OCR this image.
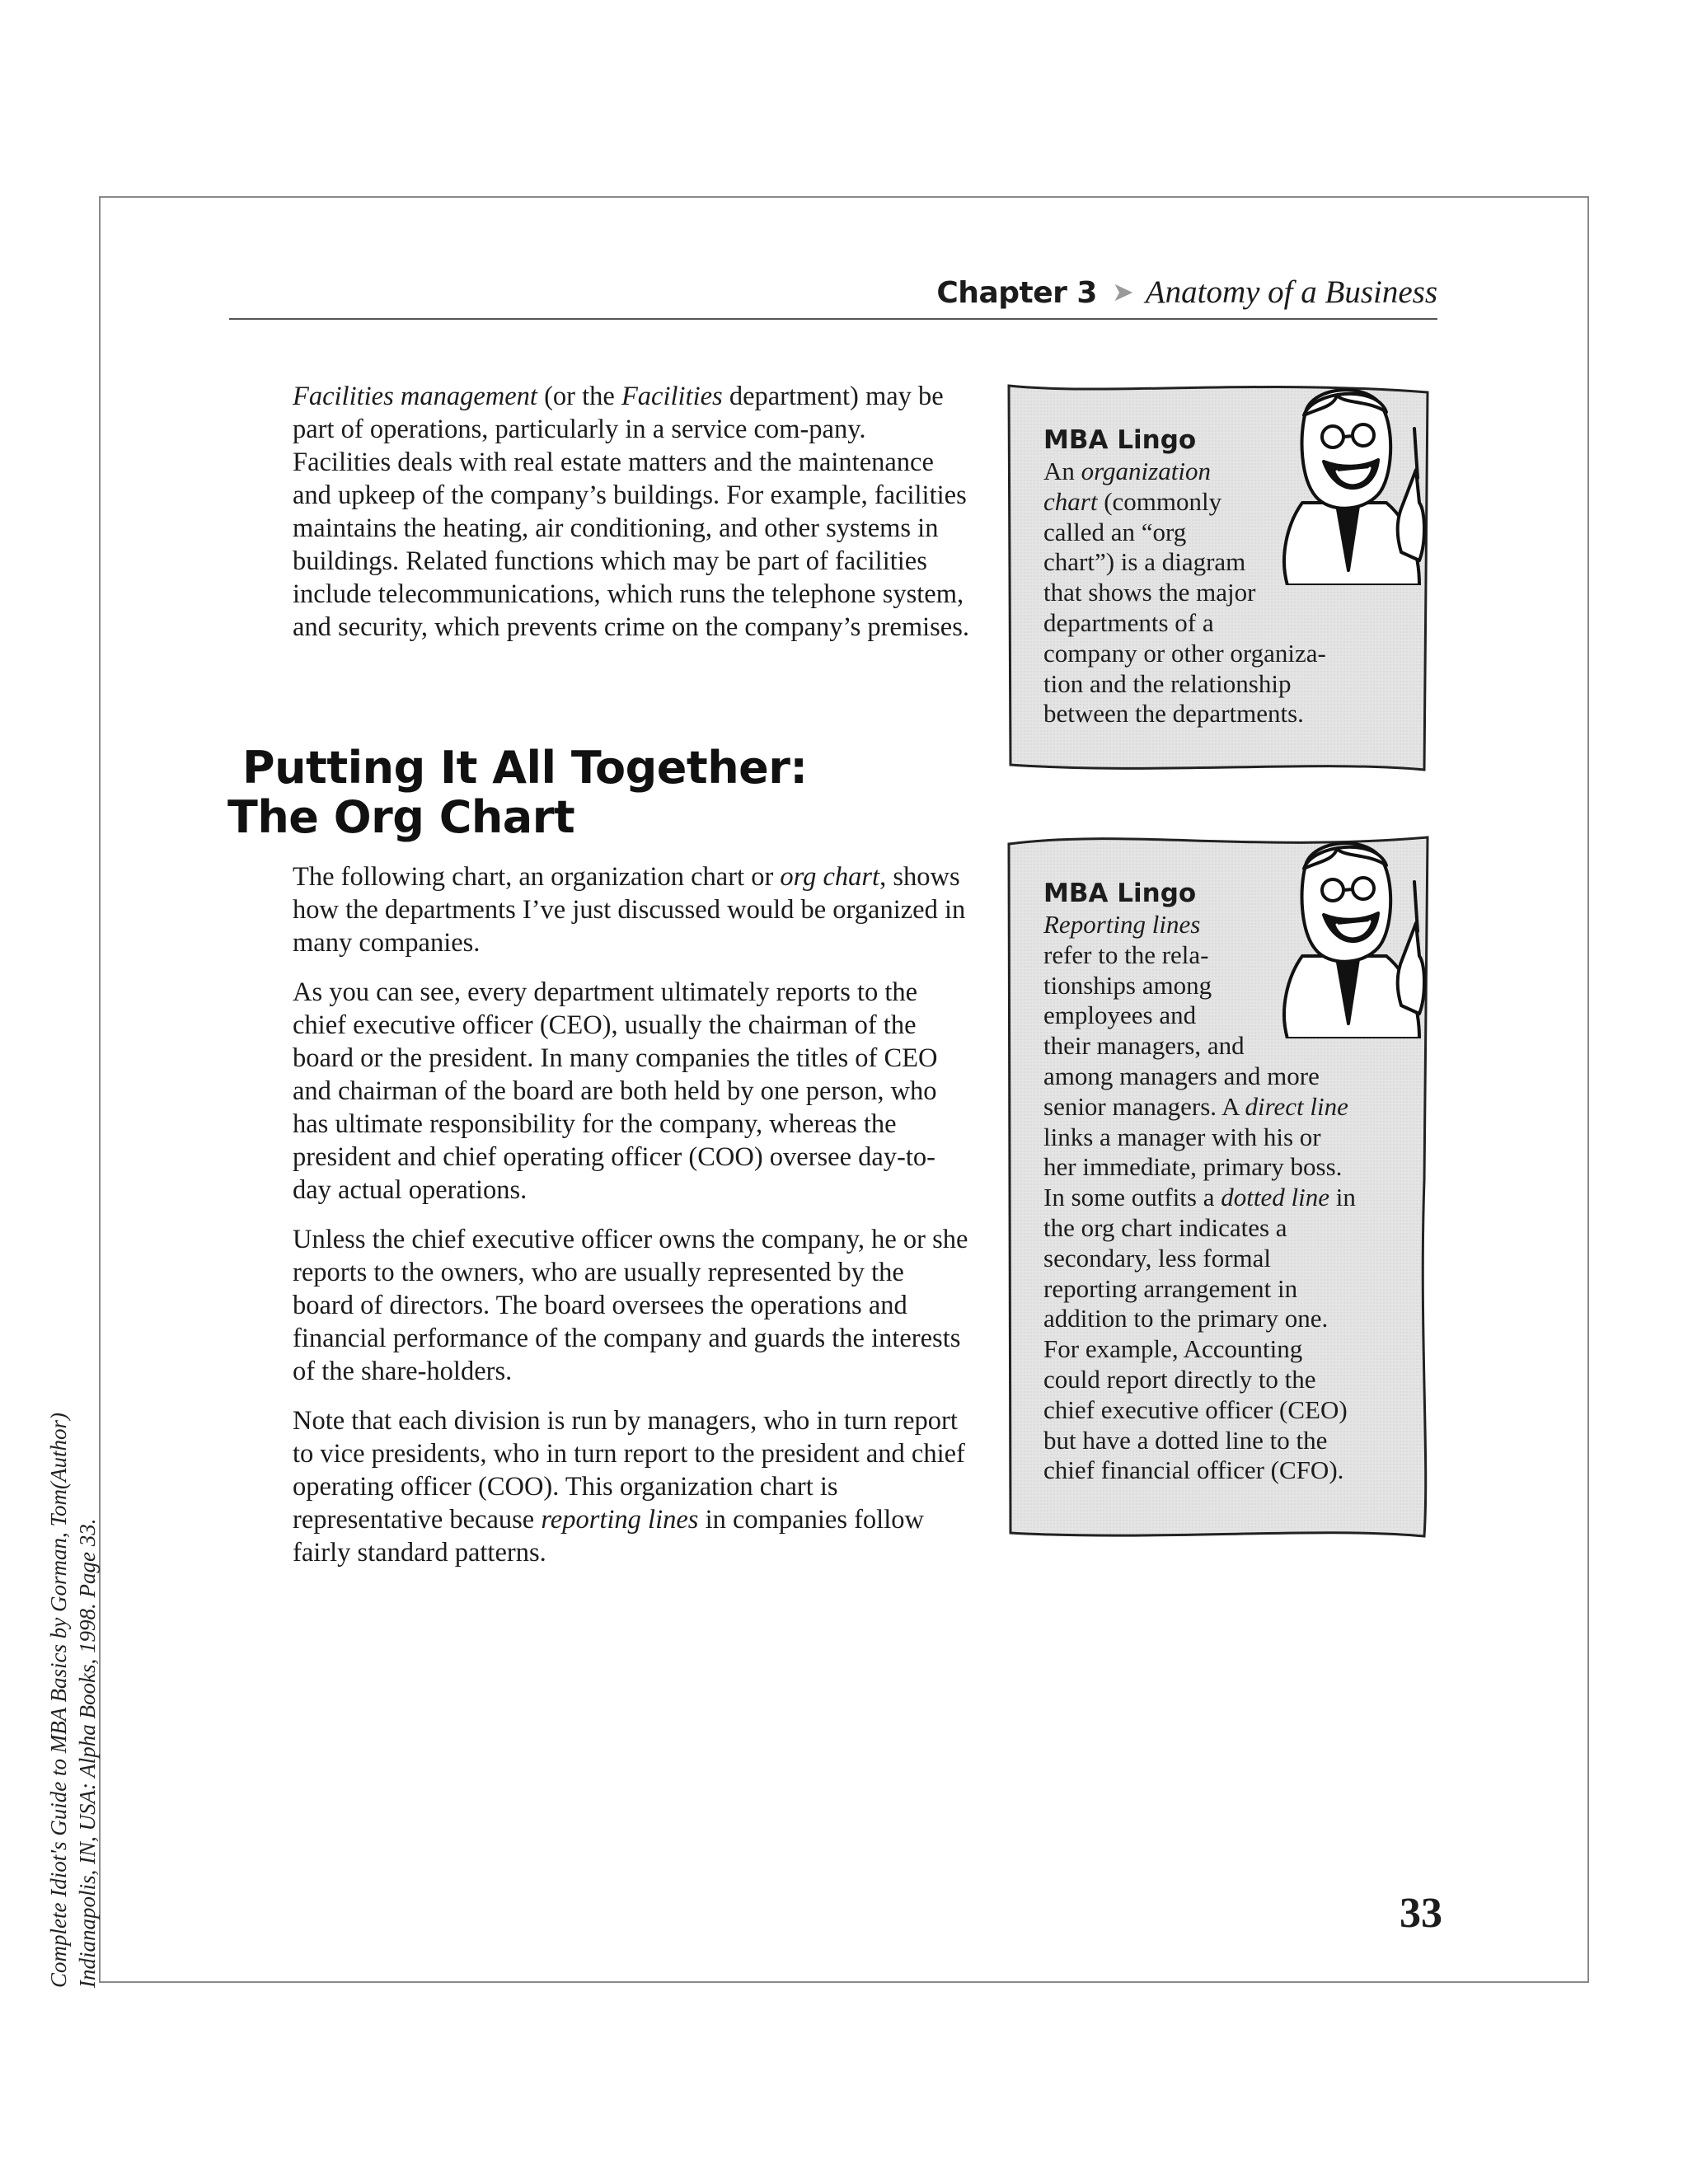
Chapter 3 ➤ Anatomy of a Business

Facilities management (or the Facilities department) may be part of operations, particularly in a service com-pany. Facilities deals with real estate matters and the maintenance and upkeep of the company’s buildings. For example, facilities maintains the heating, air conditioning, and other systems in buildings. Related functions which may be part of facilities include telecommunications, which runs the telephone system, and security, which prevents crime on the company’s premises.

Putting It All Together:
The Org Chart

The following chart, an organization chart or org chart, shows how the departments I’ve just discussed would be organized in many companies.

As you can see, every department ultimately reports to the chief executive officer (CEO), usually the chairman of the board or the president. In many companies the titles of CEO and chairman of the board are both held by one person, who has ultimate responsibility for the company, whereas the president and chief operating officer (COO) oversee day-to-day actual operations.

Unless the chief executive officer owns the company, he or she reports to the owners, who are usually represented by the board of directors. The board oversees the operations and financial performance of the company and guards the interests of the share-holders.

Note that each division is run by managers, who in turn report to vice presidents, who in turn report to the president and chief operating officer (COO). This organization chart is representative because reporting lines in companies follow fairly standard patterns.

MBA Lingo
An organization
chart (commonly
called an “org
chart”) is a diagram
that shows the major
departments of a
company or other organiza-
tion and the relationship
between the departments.
MBA Lingo
Reporting lines
refer to the rela-
tionships among
employees and
their managers, and
among managers and more
senior managers. A direct line
links a manager with his or
her immediate, primary boss.
In some outfits a dotted line in
the org chart indicates a
secondary, less formal
reporting arrangement in
addition to the primary one.
For example, Accounting
could report directly to the
chief executive officer (CEO)
but have a dotted line to the
chief financial officer (CFO).
33
Complete Idiot's Guide to MBA Basics by Gorman, Tom(Author) Indianapolis, IN, USA: Alpha Books, 1998. Page 33.
